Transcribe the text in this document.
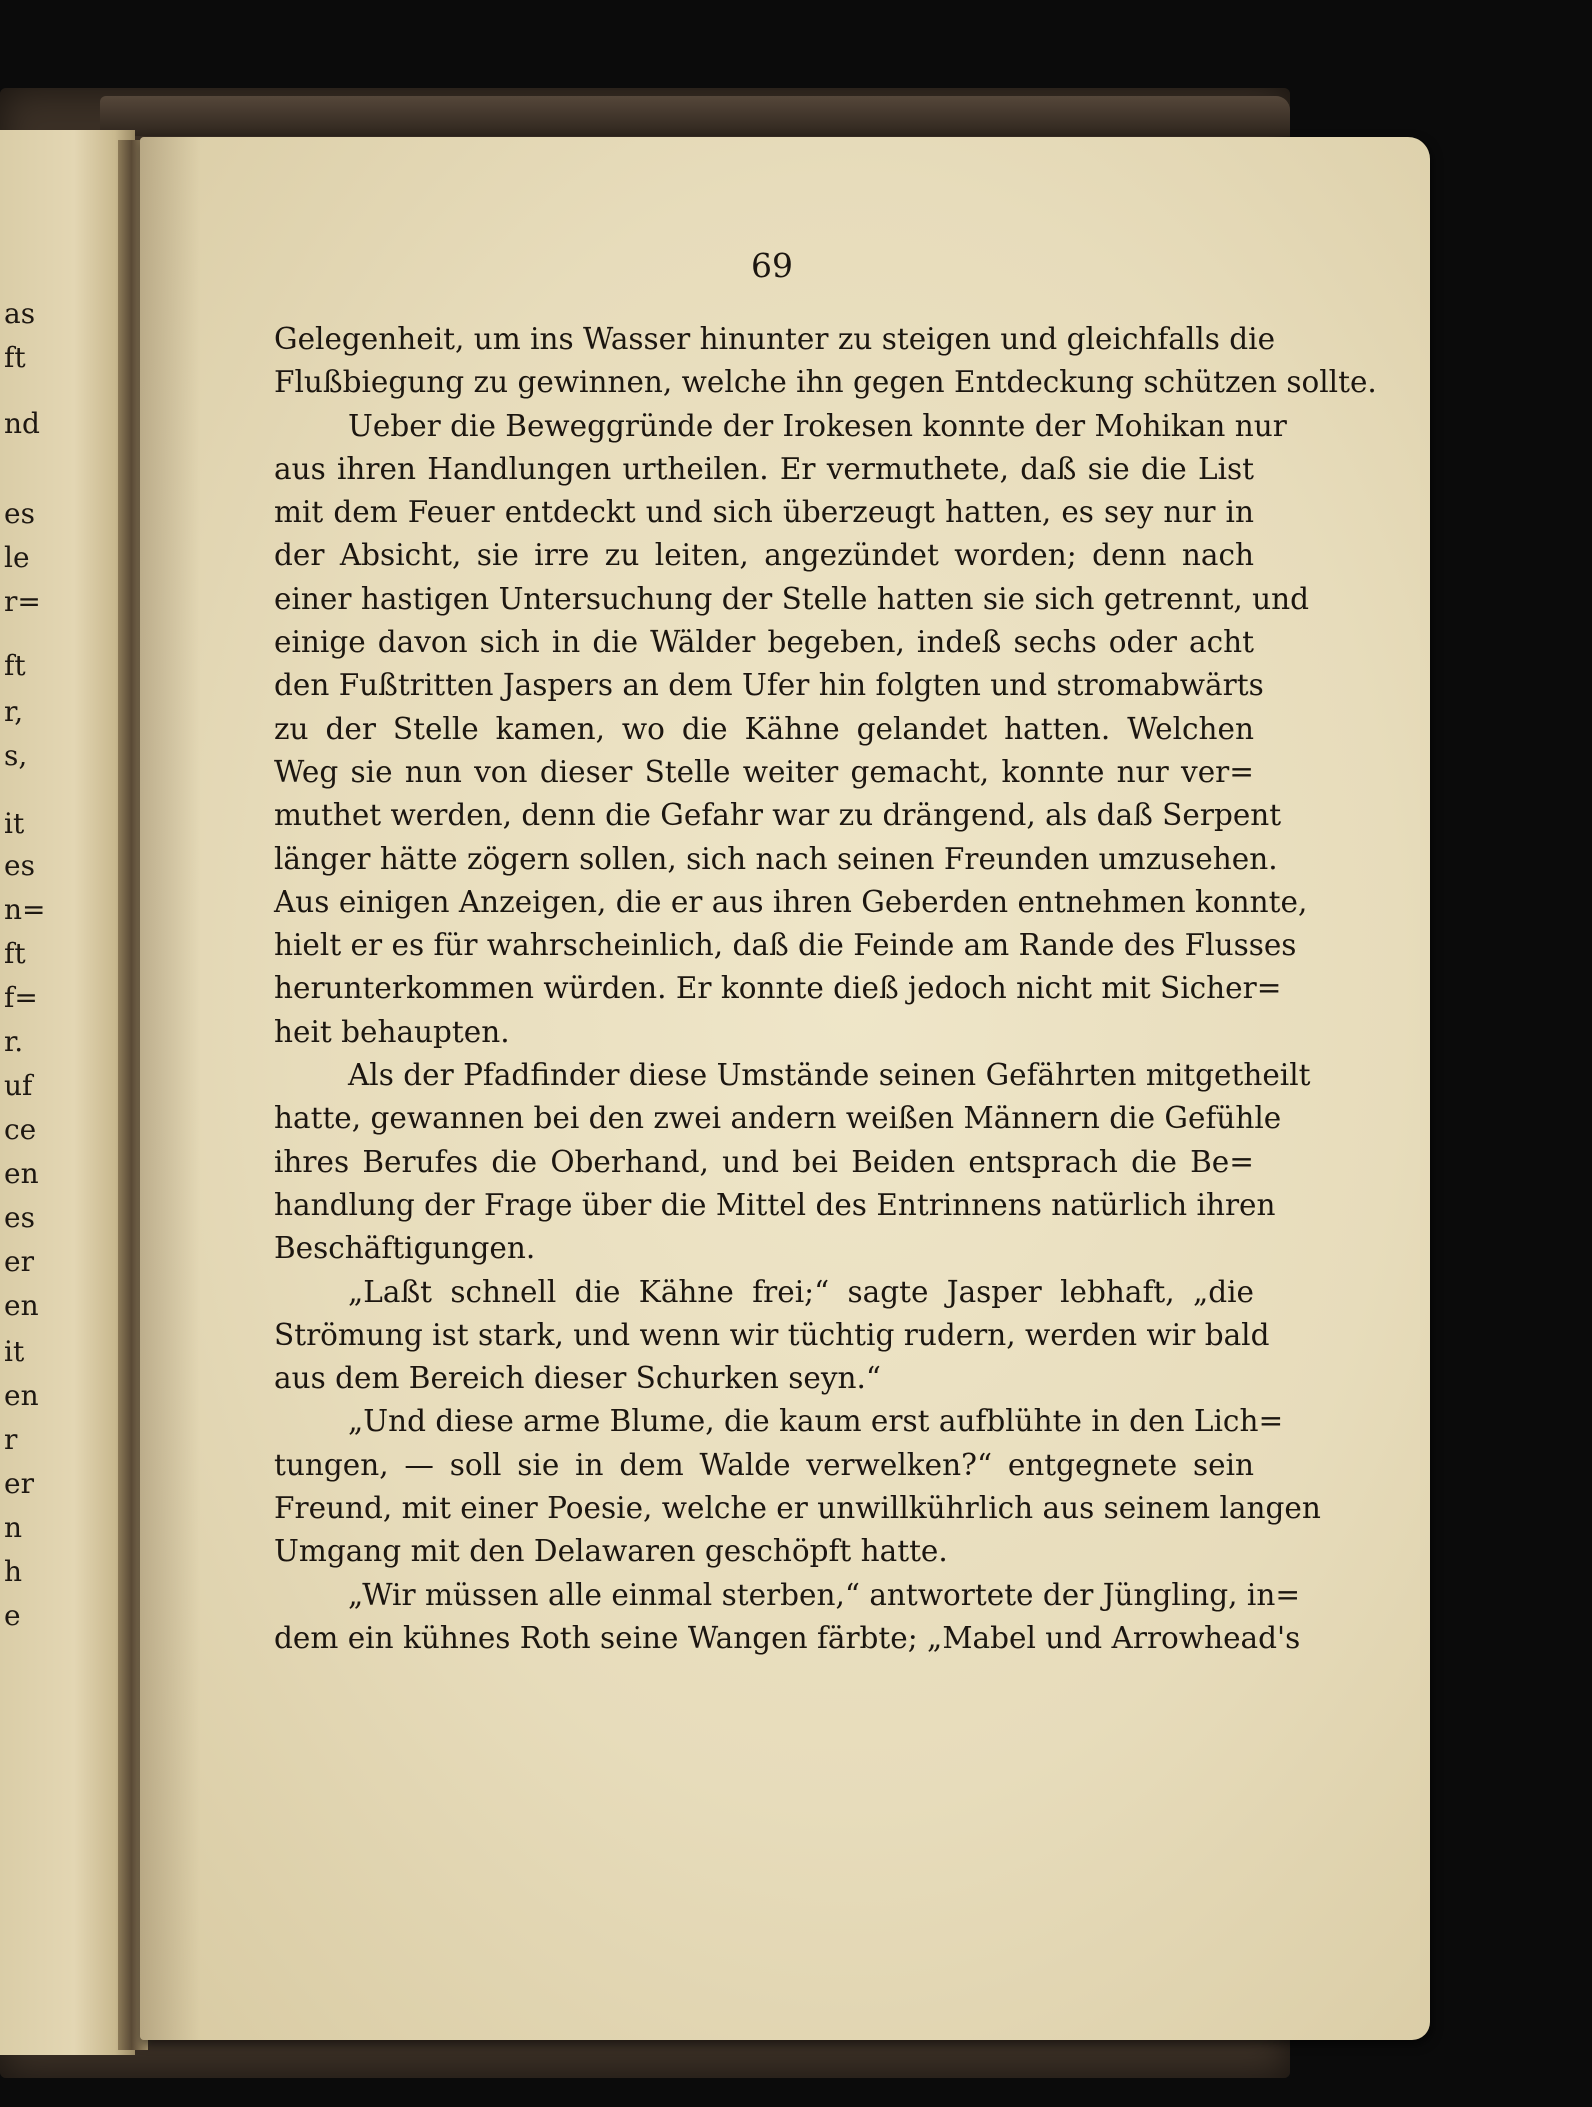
as
ft
nd
es
le
r=
ft
r,
s,
it
es
n=
ft
f=
r.
uf
ce
en
es
er
en
it
en
r
er
n
h
e
69
Gelegenheit, um ins Wasser hinunter zu steigen und gleichfalls die
Flußbiegung zu gewinnen, welche ihn gegen Entdeckung schützen sollte.
Ueber die Beweggründe der Irokesen konnte der Mohikan nur
aus ihren Handlungen urtheilen. Er vermuthete, daß sie die List
mit dem Feuer entdeckt und sich überzeugt hatten, es sey nur in
der Absicht, sie irre zu leiten, angezündet worden; denn nach
einer hastigen Untersuchung der Stelle hatten sie sich getrennt, und
einige davon sich in die Wälder begeben, indeß sechs oder acht
den Fußtritten Jaspers an dem Ufer hin folgten und stromabwärts
zu der Stelle kamen, wo die Kähne gelandet hatten. Welchen
Weg sie nun von dieser Stelle weiter gemacht, konnte nur ver=
muthet werden, denn die Gefahr war zu drängend, als daß Serpent
länger hätte zögern sollen, sich nach seinen Freunden umzusehen.
Aus einigen Anzeigen, die er aus ihren Geberden entnehmen konnte,
hielt er es für wahrscheinlich, daß die Feinde am Rande des Flusses
herunterkommen würden. Er konnte dieß jedoch nicht mit Sicher=
heit behaupten.
Als der Pfadfinder diese Umstände seinen Gefährten mitgetheilt
hatte, gewannen bei den zwei andern weißen Männern die Gefühle
ihres Berufes die Oberhand, und bei Beiden entsprach die Be=
handlung der Frage über die Mittel des Entrinnens natürlich ihren
Beschäftigungen.
„Laßt schnell die Kähne frei;“ sagte Jasper lebhaft, „die
Strömung ist stark, und wenn wir tüchtig rudern, werden wir bald
aus dem Bereich dieser Schurken seyn.“
„Und diese arme Blume, die kaum erst aufblühte in den Lich=
tungen, — soll sie in dem Walde verwelken?“ entgegnete sein
Freund, mit einer Poesie, welche er unwillkührlich aus seinem langen
Umgang mit den Delawaren geschöpft hatte.
„Wir müssen alle einmal sterben,“ antwortete der Jüngling, in=
dem ein kühnes Roth seine Wangen färbte; „Mabel und Arrowhead's
